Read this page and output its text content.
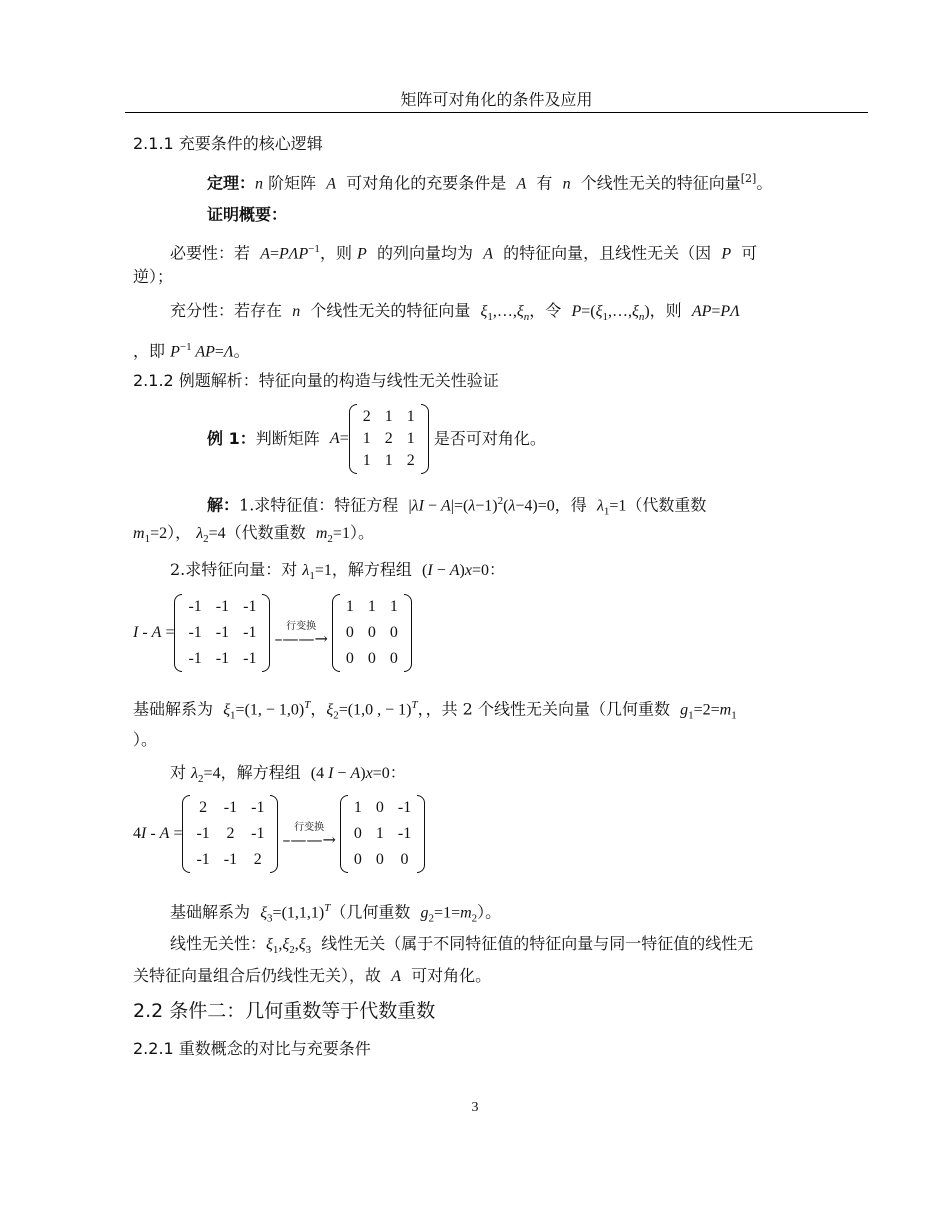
矩阵可对角化的条件及应用
2.1.1 充要条件的核心逻辑
定理：n 阶矩阵 A 可对角化的充要条件是 A 有 n 个线性无关的特征向量[2]。
证明概要：
必要性：若 $A=P\Lambda P^{-1}$，则 P 的列向量均为 A 的特征向量，且线性无关（因 P 可
逆）；
充分性：若存在 n 个线性无关的特征向量 $\xi_1,\dots,\xi_n$，令 $P=(\xi_1,\dots,\xi_n)$，则 AP=PΛ
，即 $P^{-1}$ AP=Λ。
2.1.2 例题解析：特征向量的构造与线性无关性验证
例 1： 判断矩阵
A =
2 1 1
1 2 1
1 1 2

是否可对角化。
解：1.求特征值：特征方程 $|\lambda I - A|=(\lambda-1)^2(\lambda-4)=0$，得 $\lambda_1=1$（代数重数
$m_1=2$）， $\lambda_2=4$（代数重数 $m_2=1$）。
2.求特征向量：对 $\lambda_1=1$，解方程组 (I − A)x=0：
I - A =
-1 -1 -1
-1 -1 -1
-1 -1 -1
行变换
–——→
1 1 1
0 0 0
0 0 0
基础解系为 $\xi_1=(1$, − 1,0)$^T$，$\xi_2=(1,0$ , − 1)$^T$，，共 2 个线性无关向量（几何重数 $g_1=2=m_1$
）。
对 $\lambda_2=4$，解方程组 (4 I − A)x=0：
4 I - A =
2 -1 -1
-1 2 -1
-1 -1 2
行变换
–——→
1 0 -1
0 1 -1
0 0 0
基础解系为 $\xi_3=(1,1,1)^T$（几何重数 $g_2=1=m_2$）。
线性无关性：$\xi_1,\xi_2,\xi_3$ 线性无关（属于不同特征值的特征向量与同一特征值的线性无
关特征向量组合后仍线性无关），故 A 可对角化。
2.2 条件二：几何重数等于代数重数
2.2.1 重数概念的对比与充要条件
3
